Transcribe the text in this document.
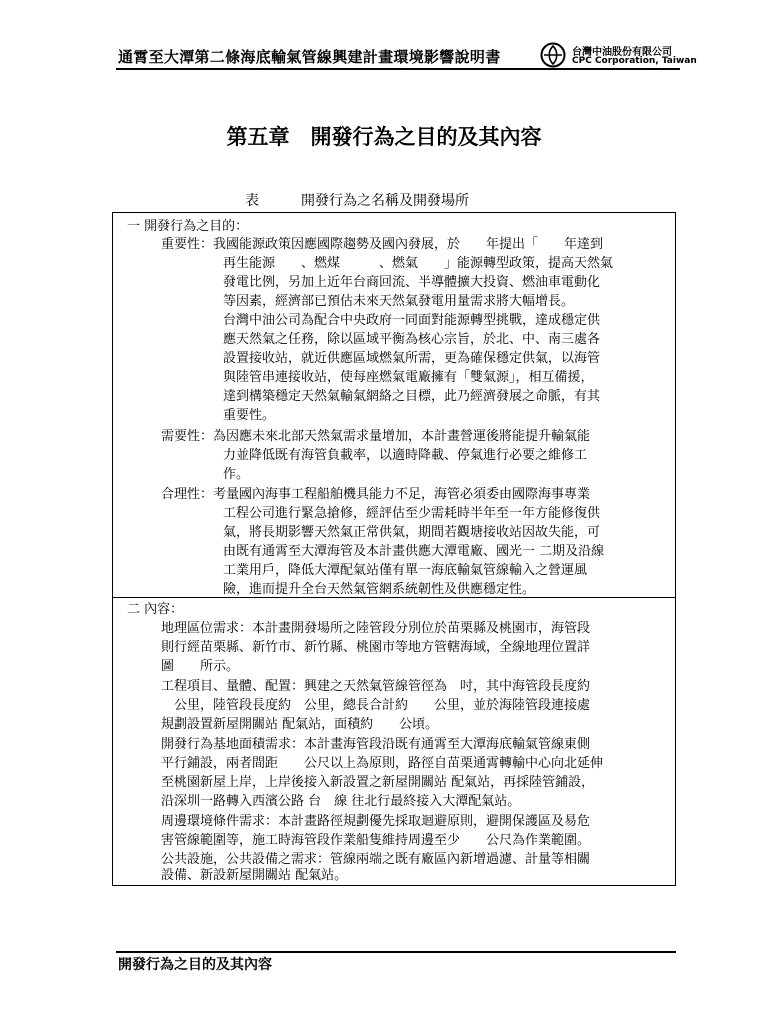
通霄至大潭第二條海底輸氣管線興建計畫環境影響說明書	台灣中油股份有限公司
CPC Corporation, Taiwan
第五章　開發行為之目的及其內容
表　　　開發行為之名稱及開發場所
一 開發行為之目的：
重要性：我國能源政策因應國際趨勢及國內發展，於　　年提出「　　年達到
再生能源　　、燃煤　　　、燃氣　　」能源轉型政策，提高天然氣
發電比例，另加上近年台商回流、半導體擴大投資、燃油車電動化
等因素，經濟部已預估未來天然氣發電用量需求將大幅增長。
台灣中油公司為配合中央政府一同面對能源轉型挑戰，達成穩定供
應天然氣之任務，除以區域平衡為核心宗旨，於北、中、南三處各
設置接收站，就近供應區域燃氣所需，更為確保穩定供氣，以海管
與陸管串連接收站，使每座燃氣電廠擁有「雙氣源」，相互備援，
達到構築穩定天然氣輸氣網絡之目標，此乃經濟發展之命脈，有其
重要性。
需要性：為因應未來北部天然氣需求量增加，本計畫營運後將能提升輸氣能
力並降低既有海管負載率，以適時降載、停氣進行必要之維修工
作。
合理性：考量國內海事工程船舶機具能力不足，海管必須委由國際海事專業
工程公司進行緊急搶修，經評估至少需耗時半年至一年方能修復供
氣，將長期影響天然氣正常供氣，期間若觀塘接收站因故失能，可
由既有通霄至大潭海管及本計畫供應大潭電廠、國光一 二期及沿線
工業用戶，降低大潭配氣站僅有單一海底輸氣管線輸入之營運風
險，進而提升全台天然氣管網系統韌性及供應穩定性。
二 內容：
地理區位需求：本計畫開發場所之陸管段分別位於苗栗縣及桃園市，海管段
則行經苗栗縣、新竹市、新竹縣、桃園市等地方管轄海域，全線地理位置詳
圖　　所示。
工程項目、量體、配置：興建之天然氣管線管徑為　吋，其中海管段長度約
　公里，陸管段長度約　公里，總長合計約　　公里，並於海陸管段連接處
規劃設置新屋開關站 配氣站，面積約　　公頃。
開發行為基地面積需求：本計畫海管段沿既有通霄至大潭海底輸氣管線東側
平行鋪設，兩者間距　　公尺以上為原則，路徑自苗栗通霄轉輸中心向北延伸
至桃園新屋上岸，上岸後接入新設置之新屋開關站 配氣站，再採陸管鋪設，
沿深圳一路轉入西濱公路 台　線 往北行最終接入大潭配氣站。
周邊環境條件需求：本計畫路徑規劃優先採取迴避原則，避開保護區及易危
害管線範圍等，施工時海管段作業船隻維持周邊至少　　公尺為作業範圍。
公共設施，公共設備之需求：管線兩端之既有廠區內新增過濾、計量等相關
設備、新設新屋開關站 配氣站。
開發行為之目的及其內容
